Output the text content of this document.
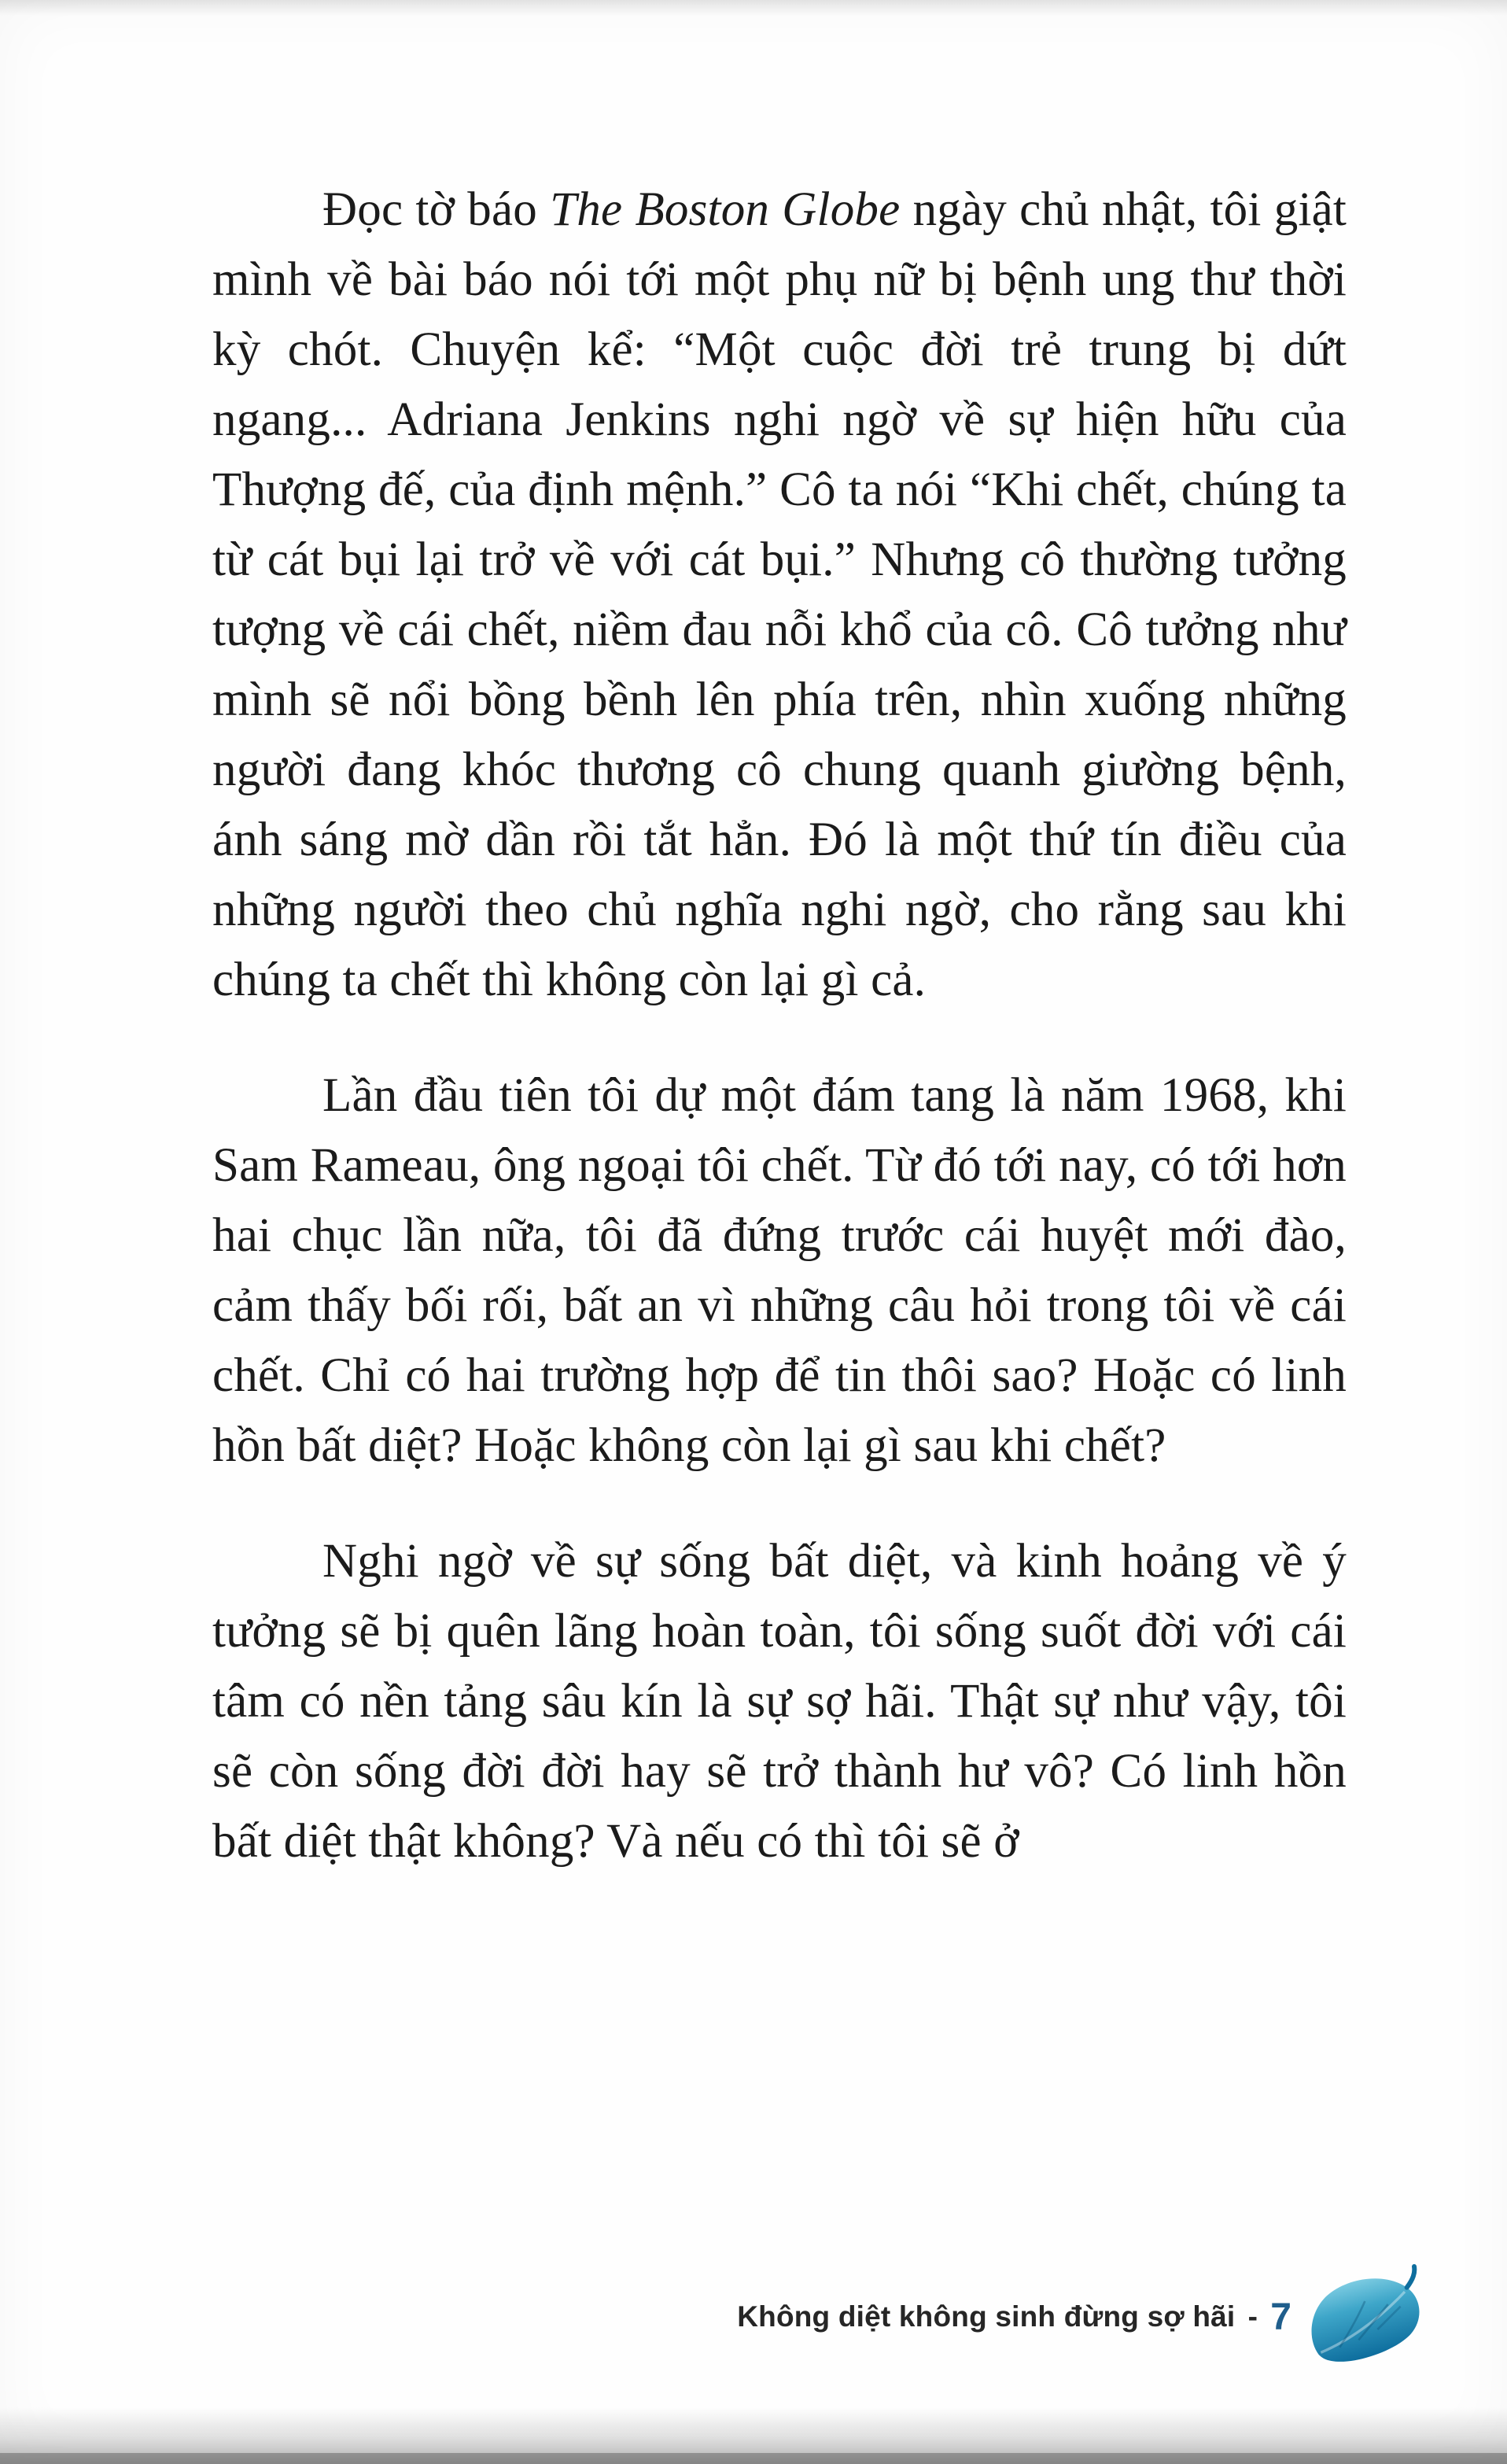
Đọc tờ báo The Boston Globe ngày chủ nhật, tôi giật mình về bài báo nói tới một phụ nữ bị bệnh ung thư thời kỳ chót. Chuyện kể: “Một cuộc đời trẻ trung bị dứt ngang... Adriana Jenkins nghi ngờ về sự hiện hữu của Thượng đế, của định mệnh.” Cô ta nói “Khi chết, chúng ta từ cát bụi lại trở về với cát bụi.” Nhưng cô thường tưởng tượng về cái chết, niềm đau nỗi khổ của cô. Cô tưởng như mình sẽ nổi bồng bềnh lên phía trên, nhìn xuống những người đang khóc thương cô chung quanh giường bệnh, ánh sáng mờ dần rồi tắt hẳn. Đó là một thứ tín điều của những người theo chủ nghĩa nghi ngờ, cho rằng sau khi chúng ta chết thì không còn lại gì cả.

Lần đầu tiên tôi dự một đám tang là năm 1968, khi Sam Rameau, ông ngoại tôi chết. Từ đó tới nay, có tới hơn hai chục lần nữa, tôi đã đứng trước cái huyệt mới đào, cảm thấy bối rối, bất an vì những câu hỏi trong tôi về cái chết. Chỉ có hai trường hợp để tin thôi sao? Hoặc có linh hồn bất diệt? Hoặc không còn lại gì sau khi chết?

Nghi ngờ về sự sống bất diệt, và kinh hoảng về ý tưởng sẽ bị quên lãng hoàn toàn, tôi sống suốt đời với cái tâm có nền tảng sâu kín là sự sợ hãi. Thật sự như vậy, tôi sẽ còn sống đời đời hay sẽ trở thành hư vô? Có linh hồn bất diệt thật không? Và nếu có thì tôi sẽ ở

Không diệt không sinh đừng sợ hãi - 7
